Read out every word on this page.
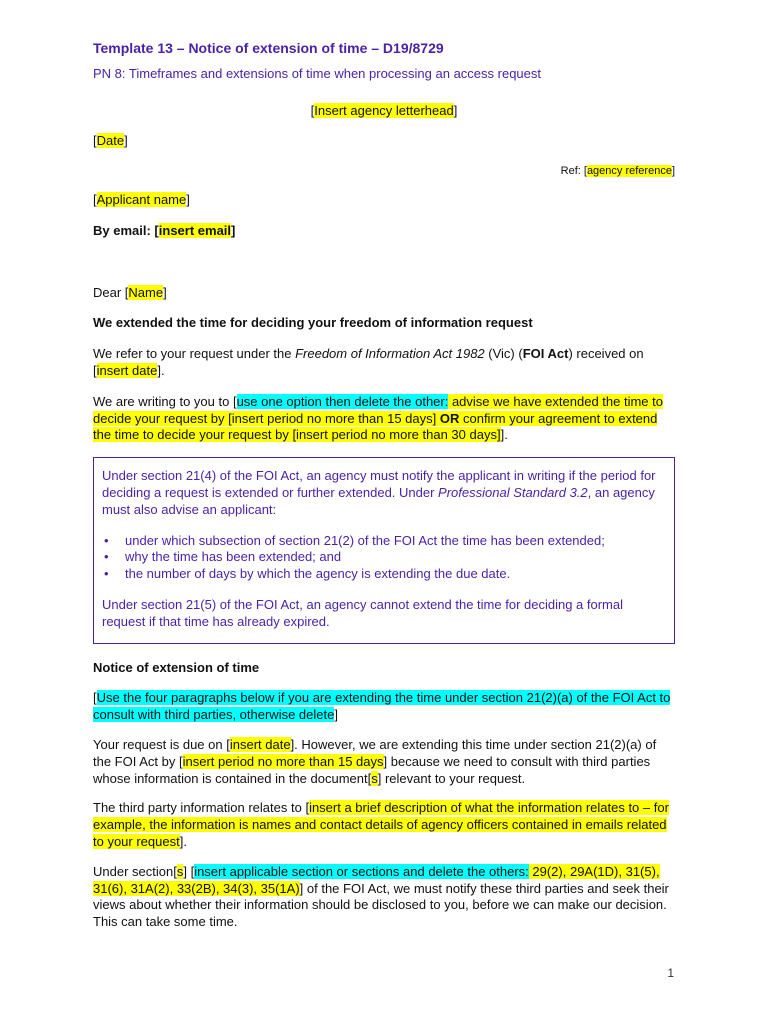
Template 13 – Notice of extension of time – D19/8729

PN 8: Timeframes and extensions of time when processing an access request

[Insert agency letterhead]

[Date]

Ref: [agency reference]

[Applicant name]

By email: [insert email]

Dear [Name]

We extended the time for deciding your freedom of information request

We refer to your request under the Freedom of Information Act 1982 (Vic) (FOI Act) received on [insert date].

We are writing to you to [use one option then delete the other: advise we have extended the time to decide your request by [insert period no more than 15 days] OR confirm your agreement to extend the time to decide your request by [insert period no more than 30 days]].

Under section 21(4) of the FOI Act, an agency must notify the applicant in writing if the period for deciding a request is extended or further extended. Under Professional Standard 3.2, an agency must also advise an applicant:

• under which subsection of section 21(2) of the FOI Act the time has been extended;
• why the time has been extended; and
• the number of days by which the agency is extending the due date.

Under section 21(5) of the FOI Act, an agency cannot extend the time for deciding a formal request if that time has already expired.

Notice of extension of time

[Use the four paragraphs below if you are extending the time under section 21(2)(a) of the FOI Act to consult with third parties, otherwise delete]

Your request is due on [insert date]. However, we are extending this time under section 21(2)(a) of the FOI Act by [insert period no more than 15 days] because we need to consult with third parties whose information is contained in the document[s] relevant to your request.

The third party information relates to [insert a brief description of what the information relates to – for example, the information is names and contact details of agency officers contained in emails related to your request].

Under section[s] [insert applicable section or sections and delete the others: 29(2), 29A(1D), 31(5), 31(6), 31A(2), 33(2B), 34(3), 35(1A)] of the FOI Act, we must notify these third parties and seek their views about whether their information should be disclosed to you, before we can make our decision. This can take some time.

1
